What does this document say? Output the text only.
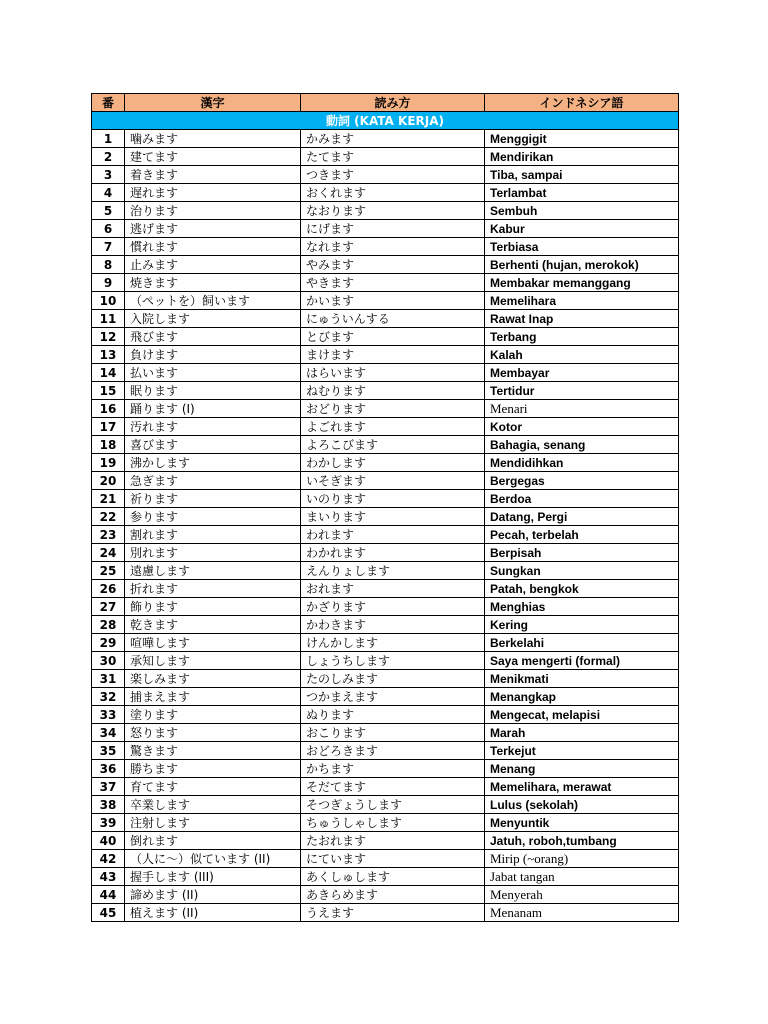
番	漢字	読み方	インドネシア語
動詞 (KATA KERJA)			
1	噛みます	かみます	Menggigit
2	建てます	たてます	Mendirikan
3	着きます	つきます	Tiba, sampai
4	遅れます	おくれます	Terlambat
5	治ります	なおります	Sembuh
6	逃げます	にげます	Kabur
7	慣れます	なれます	Terbiasa
8	止みます	やみます	Berhenti (hujan, merokok)
9	焼きます	やきます	Membakar memanggang
10	（ペットを）飼います	かいます	Memelihara
11	入院します	にゅういんする	Rawat Inap
12	飛びます	とびます	Terbang
13	負けます	まけます	Kalah
14	払います	はらいます	Membayar
15	眠ります	ねむります	Tertidur
16	踊ります (I)	おどります	Menari
17	汚れます	よごれます	Kotor
18	喜びます	よろこびます	Bahagia, senang
19	沸かします	わかします	Mendidihkan
20	急ぎます	いそぎます	Bergegas
21	祈ります	いのります	Berdoa
22	参ります	まいります	Datang, Pergi
23	割れます	われます	Pecah, terbelah
24	別れます	わかれます	Berpisah
25	遠慮します	えんりょします	Sungkan
26	折れます	おれます	Patah, bengkok
27	飾ります	かざります	Menghias
28	乾きます	かわきます	Kering
29	喧嘩します	けんかします	Berkelahi
30	承知します	しょうちします	Saya mengerti (formal)
31	楽しみます	たのしみます	Menikmati
32	捕まえます	つかまえます	Menangkap
33	塗ります	ぬります	Mengecat, melapisi
34	怒ります	おこります	Marah
35	驚きます	おどろきます	Terkejut
36	勝ちます	かちます	Menang
37	育てます	そだてます	Memelihara, merawat
38	卒業します	そつぎょうします	Lulus (sekolah)
39	注射します	ちゅうしゃします	Menyuntik
40	倒れます	たおれます	Jatuh, roboh,tumbang
42	（人に～）似ています (II)	にています	Mirip (~orang)
43	握手します (III)	あくしゅします	Jabat tangan
44	諦めます (II)	あきらめます	Menyerah
45	植えます (II)	うえます	Menanam
